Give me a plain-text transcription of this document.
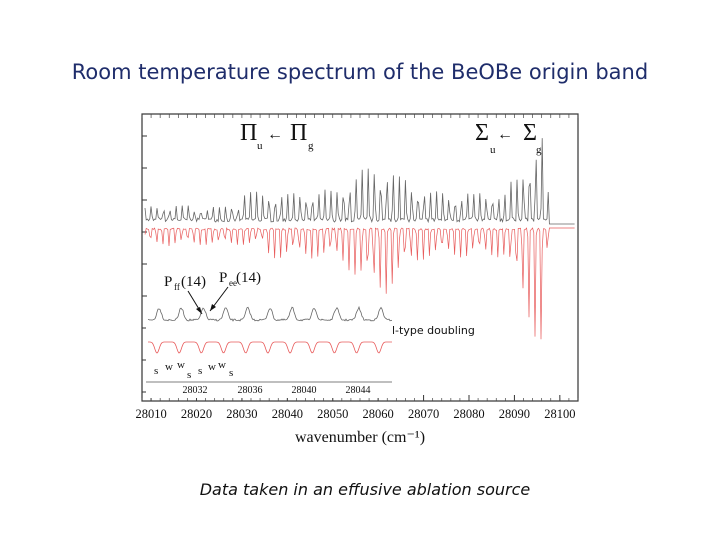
Room temperature spectrum of the BeOBe origin band
28010 28020 28030 28040 28050 28060 28070 28080 28090 28100
Π u
← Π g	Σ
u
← Σ
g
P ff (14) P ee (14)
l-type doubling
s w w
s s w w
s
28032	28036	28040	28044
wavenumber (cm⁻¹)
Data taken in an effusive ablation source
